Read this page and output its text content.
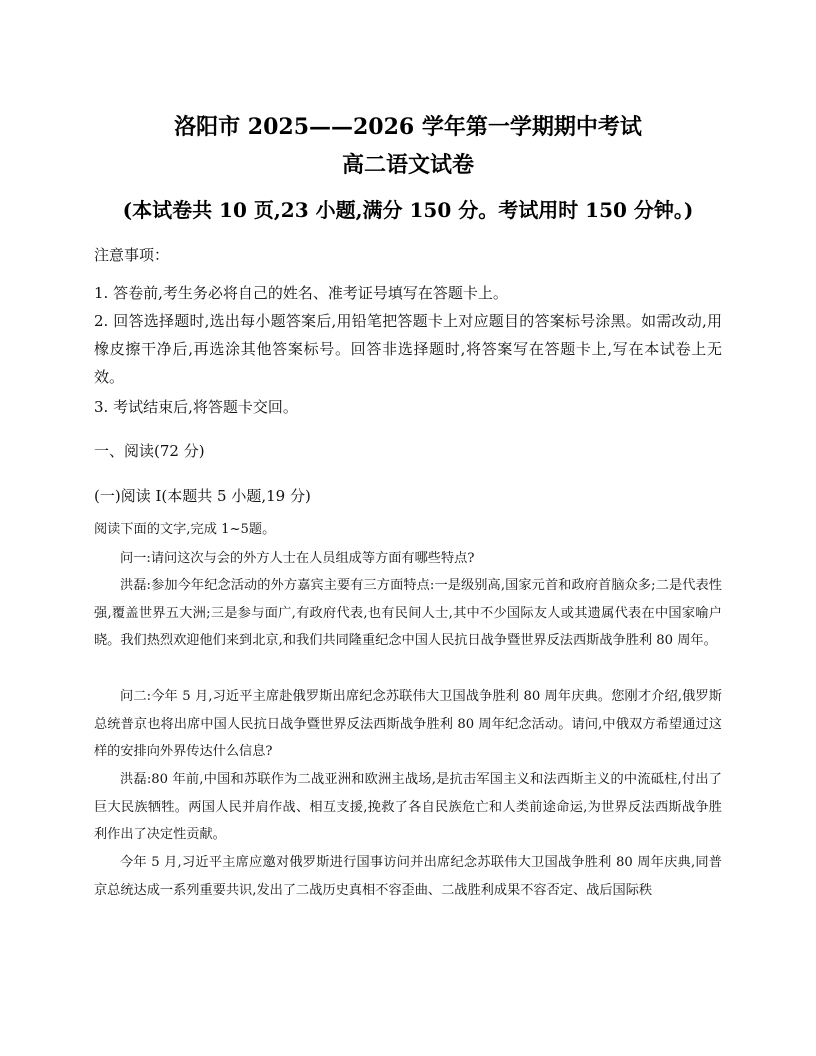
洛阳市 2025——2026 学年第一学期期中考试
高二语文试卷
(本试卷共 10 页,23 小题,满分 150 分。考试用时 150 分钟。)
注意事项：
1. 答卷前,考生务必将自己的姓名、准考证号填写在答题卡上。
2. 回答选择题时,选出每小题答案后,用铅笔把答题卡上对应题目的答案标号涂黑。如需改动,用橡皮擦干净后,再选涂其他答案标号。回答非选择题时,将答案写在答题卡上,写在本试卷上无效。
3. 考试结束后,将答题卡交回。
一、阅读(72 分)
(一)阅读 I(本题共 5 小题,19 分)
阅读下面的文字,完成 1~5题。
问一:请问这次与会的外方人士在人员组成等方面有哪些特点?
洪磊:参加今年纪念活动的外方嘉宾主要有三方面特点:一是级别高,国家元首和政府首脑众多;二是代表性强,覆盖世界五大洲;三是参与面广,有政府代表,也有民间人士,其中不少国际友人或其遗属代表在中国家喻户晓。我们热烈欢迎他们来到北京,和我们共同隆重纪念中国人民抗日战争暨世界反法西斯战争胜利 80 周年。
问二:今年 5 月,习近平主席赴俄罗斯出席纪念苏联伟大卫国战争胜利 80 周年庆典。您刚才介绍,俄罗斯总统普京也将出席中国人民抗日战争暨世界反法西斯战争胜利 80 周年纪念活动。请问,中俄双方希望通过这样的安排向外界传达什么信息?
洪磊:80 年前,中国和苏联作为二战亚洲和欧洲主战场,是抗击军国主义和法西斯主义的中流砥柱,付出了巨大民族牺牲。两国人民并肩作战、相互支援,挽救了各自民族危亡和人类前途命运,为世界反法西斯战争胜利作出了决定性贡献。
今年 5 月,习近平主席应邀对俄罗斯进行国事访问并出席纪念苏联伟大卫国战争胜利 80 周年庆典,同普京总统达成一系列重要共识,发出了二战历史真相不容歪曲、二战胜利成果不容否定、战后国际秩
